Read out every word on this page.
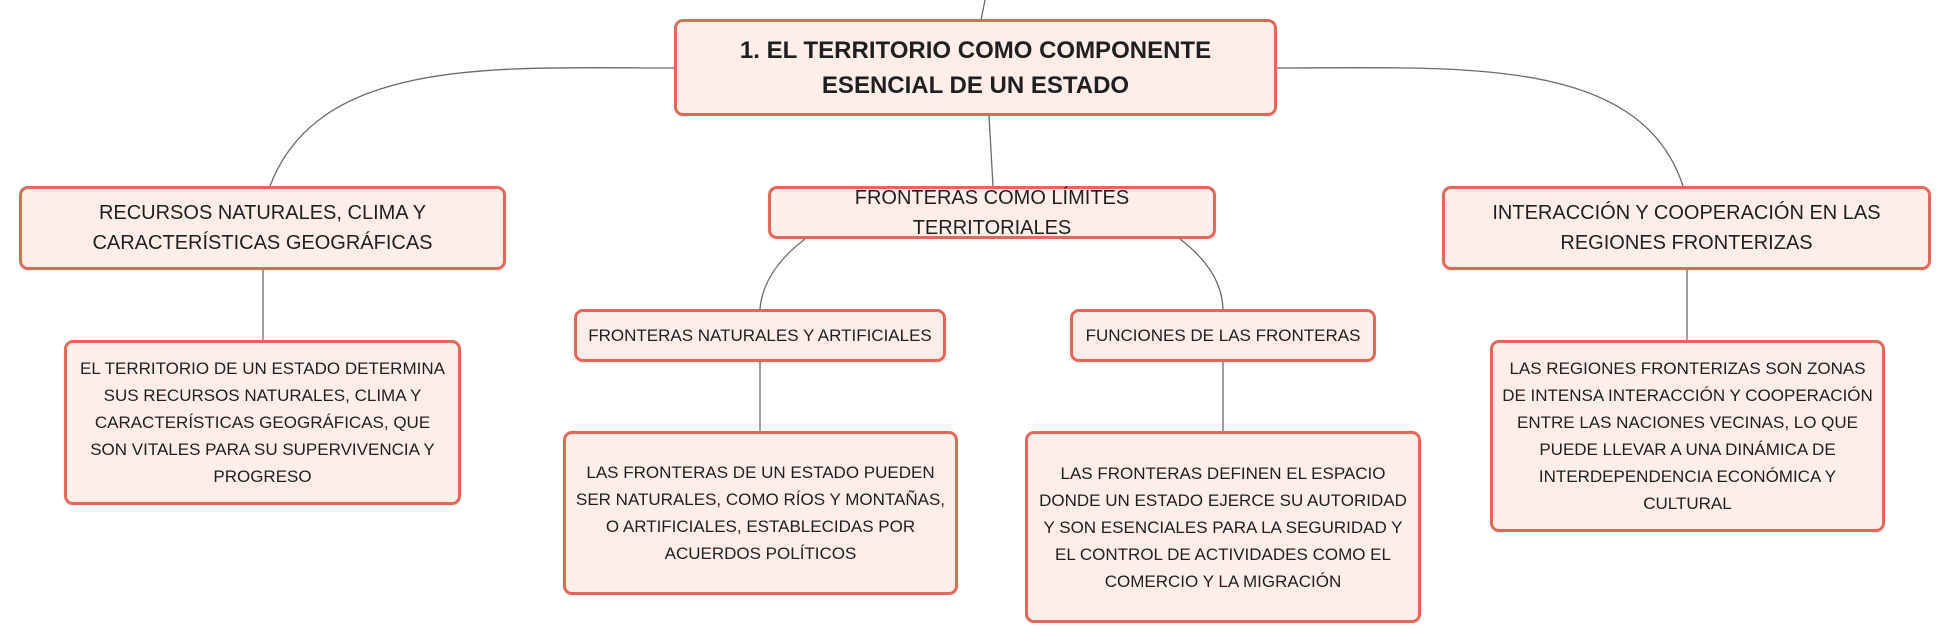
1. EL TERRITORIO COMO COMPONENTE ESENCIAL DE UN ESTADO
RECURSOS NATURALES, CLIMA Y CARACTERÍSTICAS GEOGRÁFICAS
FRONTERAS COMO LÍMITES TERRITORIALES
INTERACCIÓN Y COOPERACIÓN EN LAS REGIONES FRONTERIZAS
FRONTERAS NATURALES Y ARTIFICIALES	FUNCIONES DE LAS FRONTERAS
EL TERRITORIO DE UN ESTADO DETERMINA SUS RECURSOS NATURALES, CLIMA Y CARACTERÍSTICAS GEOGRÁFICAS, QUE SON VITALES PARA SU SUPERVIVENCIA Y PROGRESO	LAS FRONTERAS DE UN ESTADO PUEDEN SER NATURALES, COMO RÍOS Y MONTAÑAS, O ARTIFICIALES, ESTABLECIDAS POR ACUERDOS POLÍTICOS
LAS FRONTERAS DEFINEN EL ESPACIO DONDE UN ESTADO EJERCE SU AUTORIDAD Y SON ESENCIALES PARA LA SEGURIDAD Y EL CONTROL DE ACTIVIDADES COMO EL COMERCIO Y LA MIGRACIÓN
LAS REGIONES FRONTERIZAS SON ZONAS DE INTENSA INTERACCIÓN Y COOPERACIÓN ENTRE LAS NACIONES VECINAS, LO QUE PUEDE LLEVAR A UNA DINÁMICA DE INTERDEPENDENCIA ECONÓMICA Y CULTURAL
